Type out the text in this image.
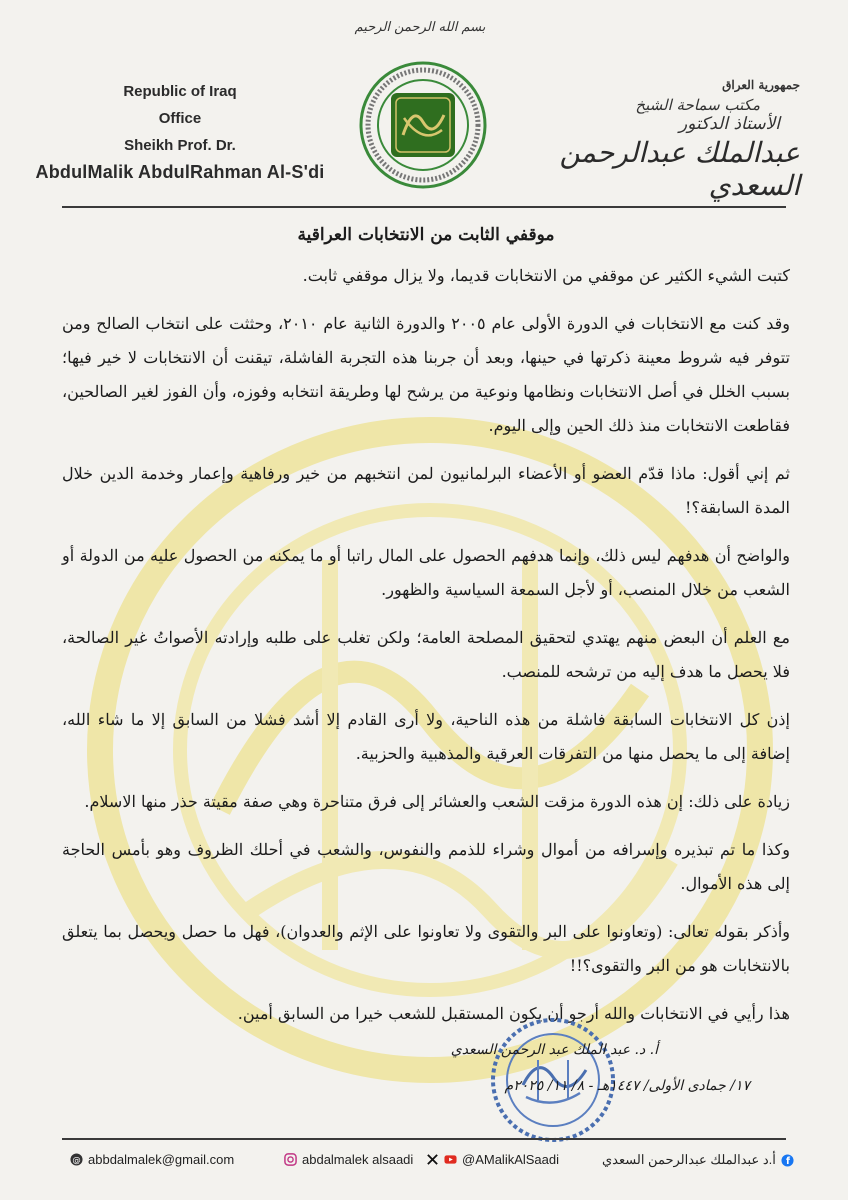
بسم الله الرحمن الرحيم
Republic of Iraq
Office
Sheikh Prof. Dr.
AbdulMalik AbdulRahman Al-S'di
جمهورية العراق
مكتب سماحة الشيخ
الأستاذ الدكتور
عبدالملك عبدالرحمن السعدي
موقفي الثابت من الانتخابات العراقية

كتبت الشيء الكثير عن موقفي من الانتخابات قديما، ولا يزال موقفي ثابت.

وقد كنت مع الانتخابات في الدورة الأولى عام ٢٠٠٥ والدورة الثانية عام ٢٠١٠، وحثثت على انتخاب الصالح ومن تتوفر فيه شروط معينة ذكرتها في حينها، وبعد أن جربنا هذه التجربة الفاشلة، تيقنت أن الانتخابات لا خير فيها؛ بسبب الخلل في أصل الانتخابات ونظامها ونوعية من يرشح لها وطريقة انتخابه وفوزه، وأن الفوز لغير الصالحين، فقاطعت الانتخابات منذ ذلك الحين وإلى اليوم.

ثم إني أقول: ماذا قدّم العضو أو الأعضاء البرلمانيون لمن انتخبهم من خير ورفاهية وإعمار وخدمة الدين خلال المدة السابقة؟!

والواضح أن هدفهم ليس ذلك، وإنما هدفهم الحصول على المال راتبا أو ما يمكنه من الحصول عليه من الدولة أو الشعب من خلال المنصب، أو لأجل السمعة السياسية والظهور.

مع العلم أن البعض منهم يهتدي لتحقيق المصلحة العامة؛ ولكن تغلب على طلبه وإرادته الأصواتُ غير الصالحة، فلا يحصل ما هدف إليه من ترشحه للمنصب.

إذن كل الانتخابات السابقة فاشلة من هذه الناحية، ولا أرى القادم إلا أشد فشلا من السابق إلا ما شاء الله، إضافة إلى ما يحصل منها من التفرقات العرقية والمذهبية والحزبية.

زيادة على ذلك: إن هذه الدورة مزقت الشعب والعشائر إلى فرق متناحرة وهي صفة مقيتة حذر منها الاسلام.

وكذا ما تم تبذيره وإسرافه من أموال وشراء للذمم والنفوس، والشعب في أحلك الظروف وهو بأمس الحاجة إلى هذه الأموال.

وأذكر بقوله تعالى: (وتعاونوا على البر والتقوى ولا تعاونوا على الإثم والعدوان)، فهل ما حصل ويحصل بما يتعلق بالانتخابات هو من البر والتقوى؟!!

هذا رأيي في الانتخابات والله أرجو أن يكون المستقبل للشعب خيرا من السابق أمين.

أ. د. عبد الملك عبد الرحمن السعدي
١٧/ جمادى الأولى/ ١٤٤٧هـ - ٨/ ١١/ ٢٠٢٥م
@ abbdalmalek@gmail.com	abdalmalek alsaadi	@AMalikAlSaadi	f
أ.د عبدالملك عبدالرحمن السعدي
